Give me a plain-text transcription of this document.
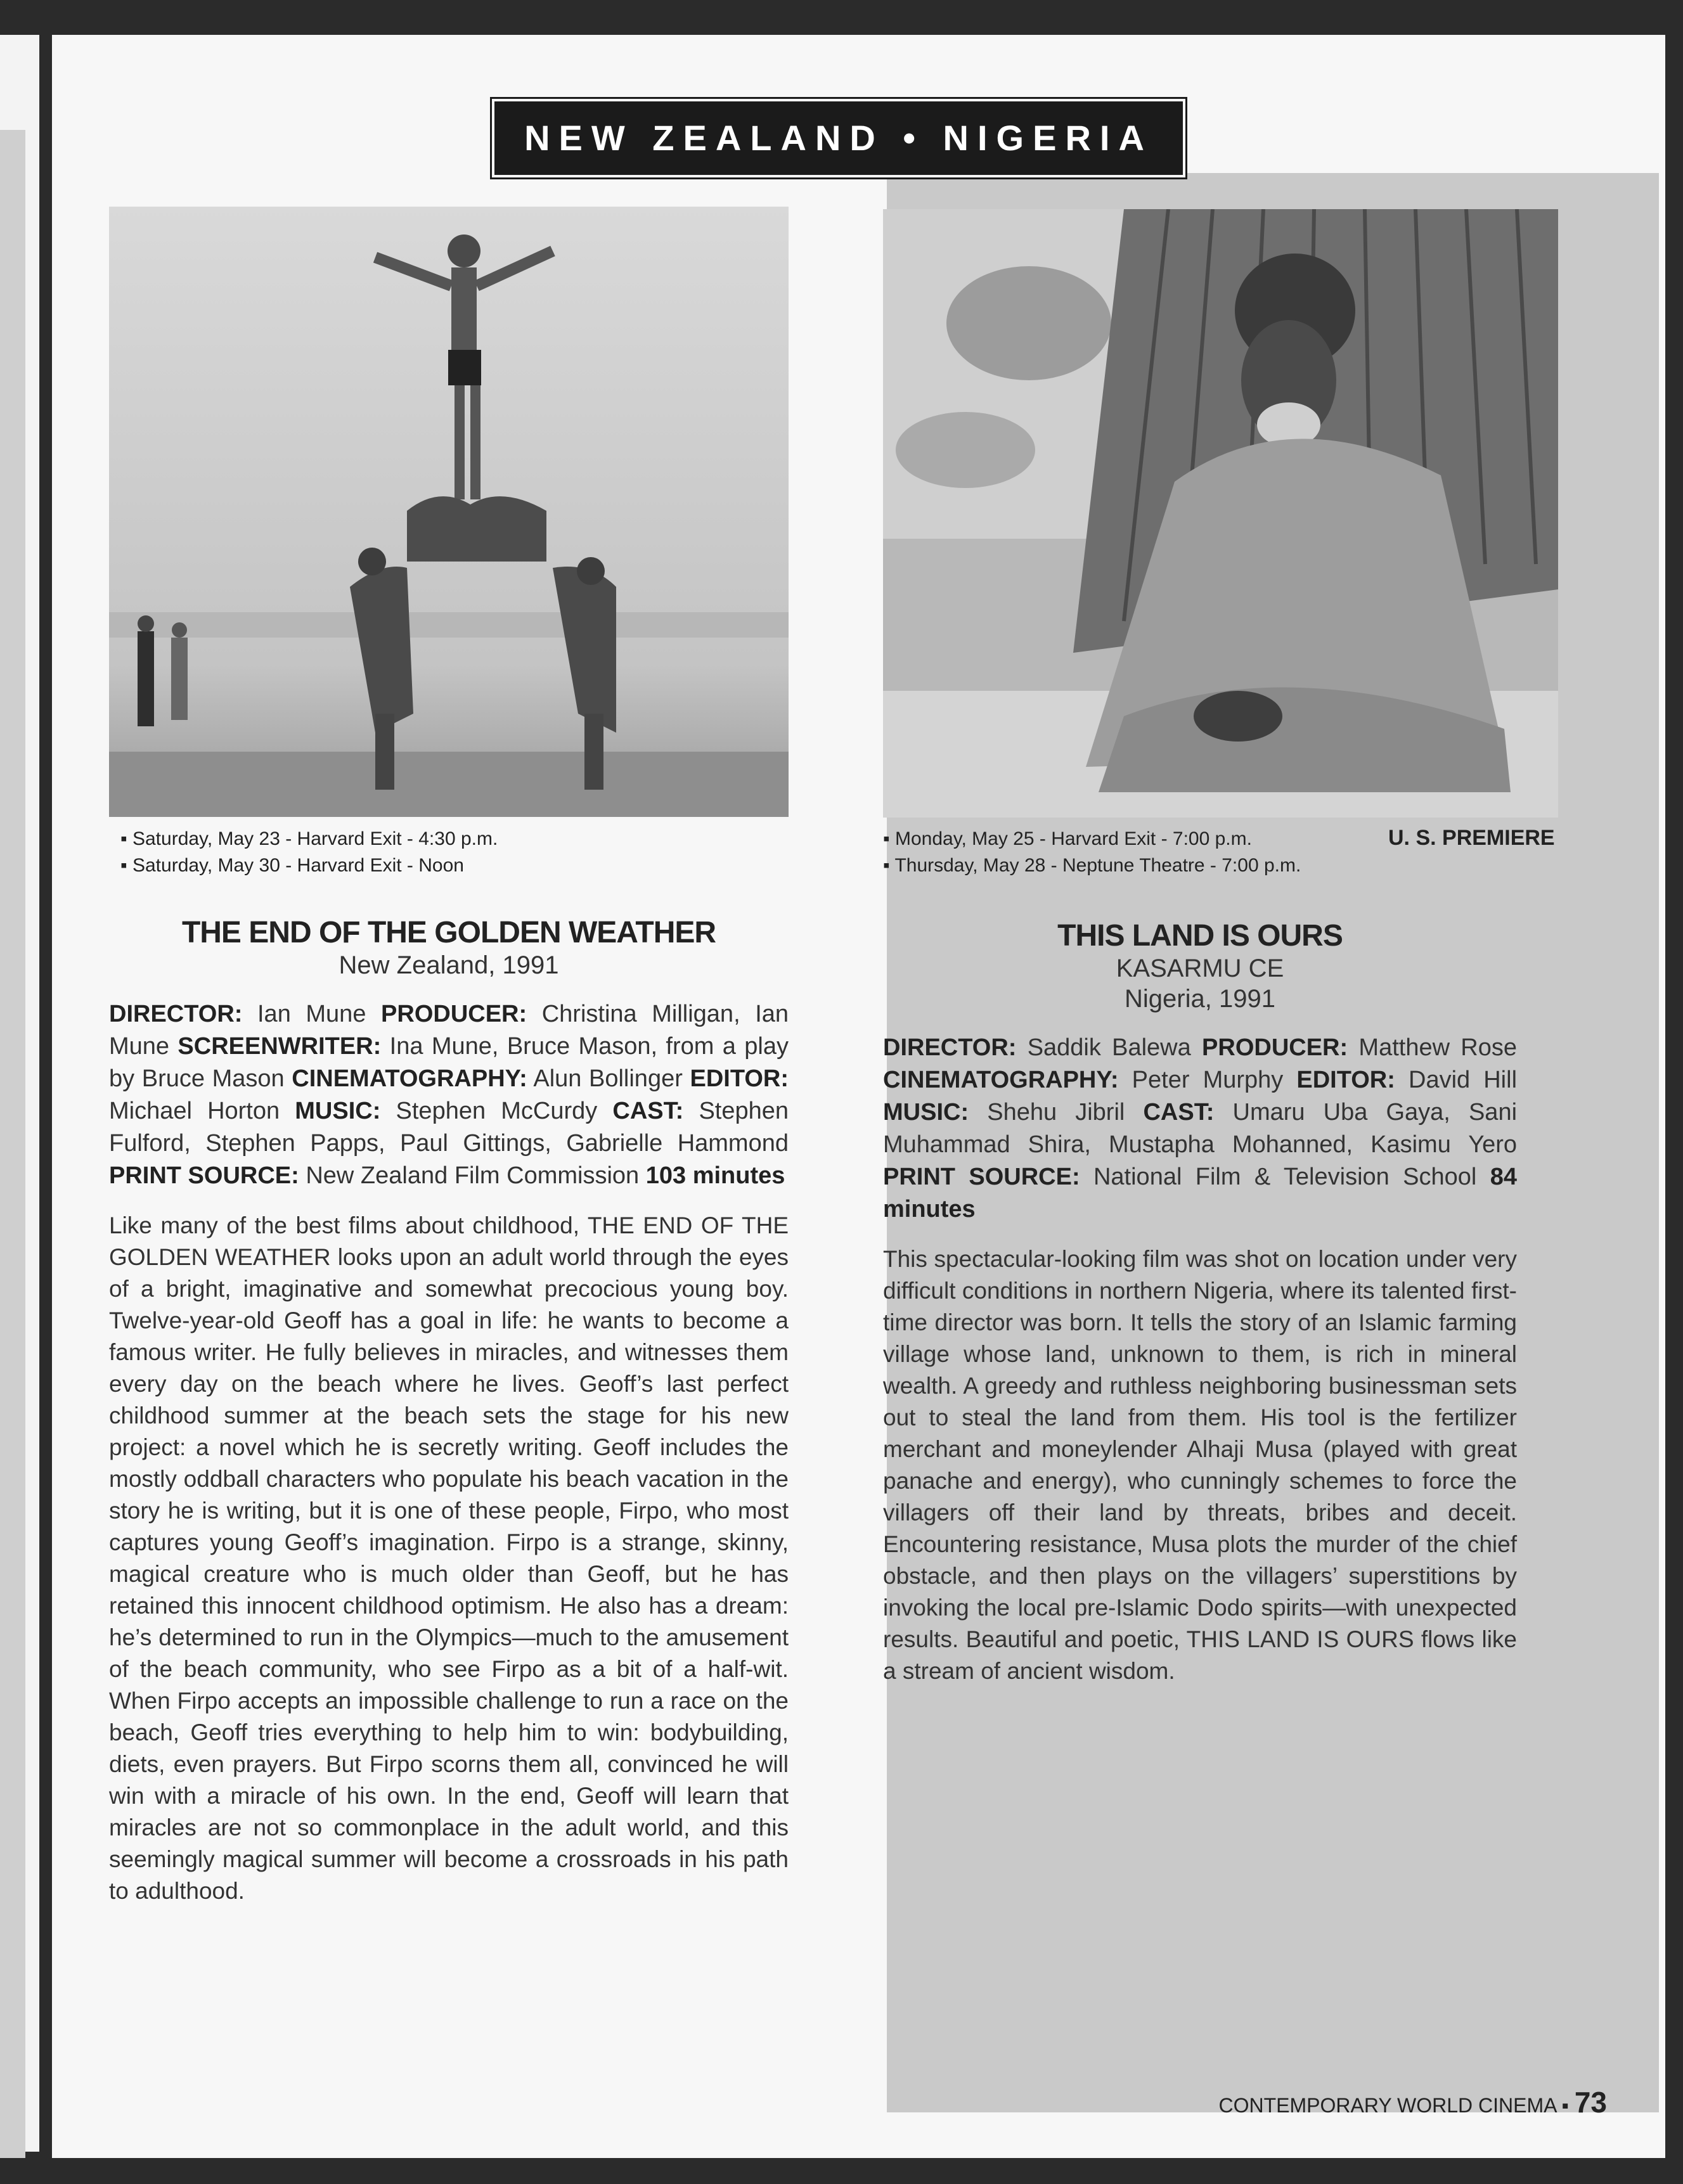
NEW ZEALAND • NIGERIA
▪ Saturday, May 23 - Harvard Exit - 4:30 p.m.
▪ Saturday, May 30 - Harvard Exit - Noon
▪ Monday, May 25 - Harvard Exit - 7:00 p.m.
▪ Thursday, May 28 - Neptune Theatre - 7:00 p.m.
U. S. PREMIERE
THE END OF THE GOLDEN WEATHER
New Zealand, 1991
DIRECTOR: Ian Mune PRODUCER: Christina Milligan, Ian Mune SCREENWRITER: Ina Mune, Bruce Mason, from a play by Bruce Mason CINEMATOGRAPHY: Alun Bollinger EDITOR: Michael Horton MUSIC: Stephen McCurdy CAST: Stephen Fulford, Stephen Papps, Paul Gittings, Gabrielle Hammond PRINT SOURCE: New Zealand Film Commission 103 minutes
Like many of the best films about childhood, THE END OF THE GOLDEN WEATHER looks upon an adult world through the eyes of a bright, imaginative and somewhat precocious young boy. Twelve-year-old Geoff has a goal in life: he wants to become a famous writer. He fully believes in miracles, and witnesses them every day on the beach where he lives. Geoff’s last perfect childhood summer at the beach sets the stage for his new project: a novel which he is secretly writing. Geoff includes the mostly oddball characters who populate his beach vacation in the story he is writing, but it is one of these people, Firpo, who most captures young Geoff’s imagination. Firpo is a strange, skinny, magical creature who is much older than Geoff, but he has retained this innocent childhood optimism. He also has a dream: he’s determined to run in the Olympics—much to the amusement of the beach community, who see Firpo as a bit of a half-wit. When Firpo accepts an impossible challenge to run a race on the beach, Geoff tries everything to help him to win: bodybuilding, diets, even prayers. But Firpo scorns them all, convinced he will win with a miracle of his own. In the end, Geoff will learn that miracles are not so commonplace in the adult world, and this seemingly magical summer will become a crossroads in his path to adulthood.
THIS LAND IS OURS
KASARMU CE
Nigeria, 1991
DIRECTOR: Saddik Balewa PRODUCER: Matthew Rose CINEMATOGRAPHY: Peter Murphy EDITOR: David Hill MUSIC: Shehu Jibril CAST: Umaru Uba Gaya, Sani Muhammad Shira, Mustapha Mohanned, Kasimu Yero PRINT SOURCE: National Film & Television School 84 minutes
This spectacular-looking film was shot on location under very difficult conditions in northern Nigeria, where its talented first-time director was born. It tells the story of an Islamic farming village whose land, unknown to them, is rich in mineral wealth. A greedy and ruthless neighboring businessman sets out to steal the land from them. His tool is the fertilizer merchant and moneylender Alhaji Musa (played with great panache and energy), who cunningly schemes to force the villagers off their land by threats, bribes and deceit. Encountering resistance, Musa plots the murder of the chief obstacle, and then plays on the villagers’ superstitions by invoking the local pre-Islamic Dodo spirits—with unexpected results. Beautiful and poetic, THIS LAND IS OURS flows like a stream of ancient wisdom.
CONTEMPORARY WORLD CINEMA ▪ 73
